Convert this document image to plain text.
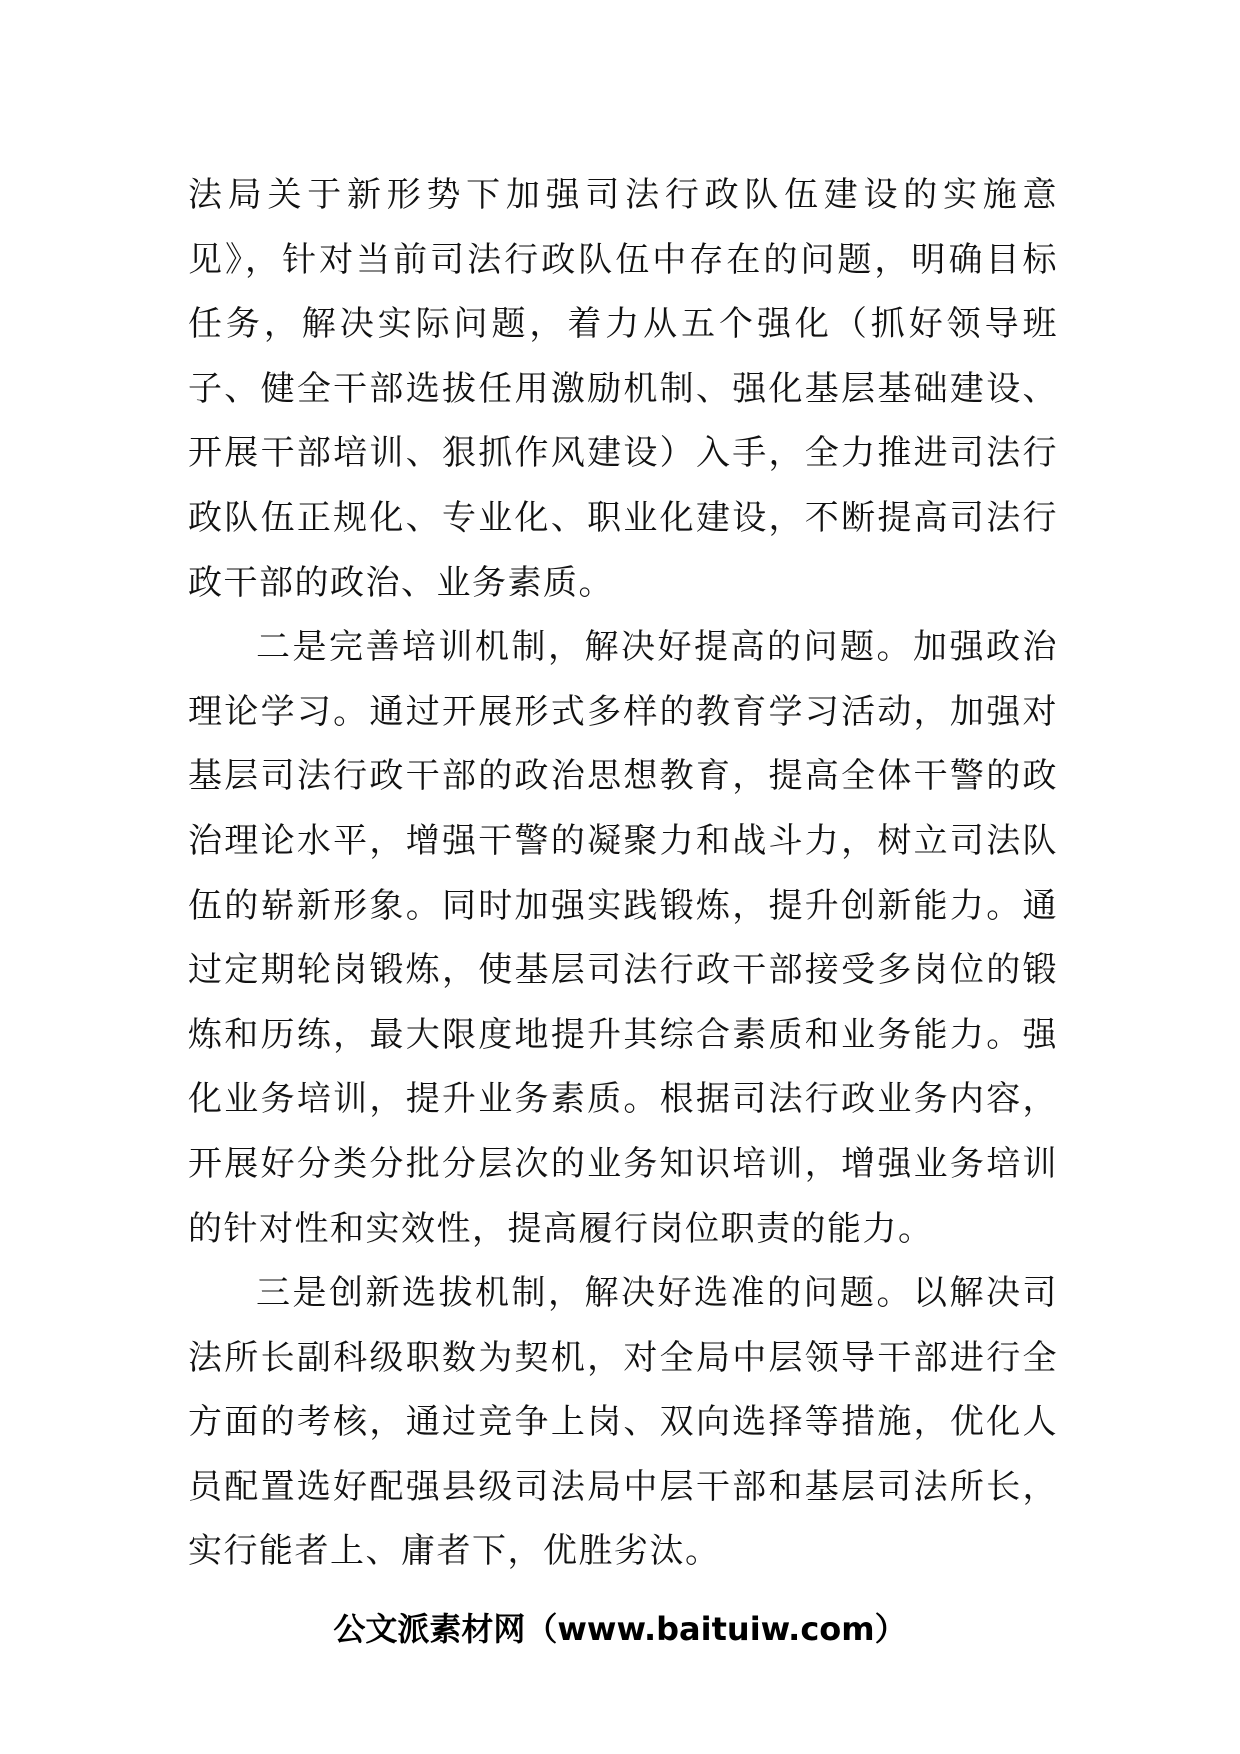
法局关于新形势下加强司法行政队伍建设的实施意见》，针对当前司法行政队伍中存在的问题，明确目标任务，解决实际问题，着力从五个强化（抓好领导班子、健全干部选拔任用激励机制、强化基层基础建设、开展干部培训、狠抓作风建设）入手，全力推进司法行政队伍正规化、专业化、职业化建设，不断提高司法行政干部的政治、业务素质。

二是完善培训机制，解决好提高的问题。加强政治理论学习。通过开展形式多样的教育学习活动，加强对基层司法行政干部的政治思想教育，提高全体干警的政治理论水平，增强干警的凝聚力和战斗力，树立司法队伍的崭新形象。同时加强实践锻炼，提升创新能力。通过定期轮岗锻炼，使基层司法行政干部接受多岗位的锻炼和历练，最大限度地提升其综合素质和业务能力。强化业务培训，提升业务素质。根据司法行政业务内容，开展好分类分批分层次的业务知识培训，增强业务培训的针对性和实效性，提高履行岗位职责的能力。

三是创新选拔机制，解决好选准的问题。以解决司法所长副科级职数为契机，对全局中层领导干部进行全方面的考核，通过竞争上岗、双向选择等措施，优化人员配置选好配强县级司法局中层干部和基层司法所长，实行能者上、庸者下，优胜劣汰。

公文派素材网（www.baituiw.com）
